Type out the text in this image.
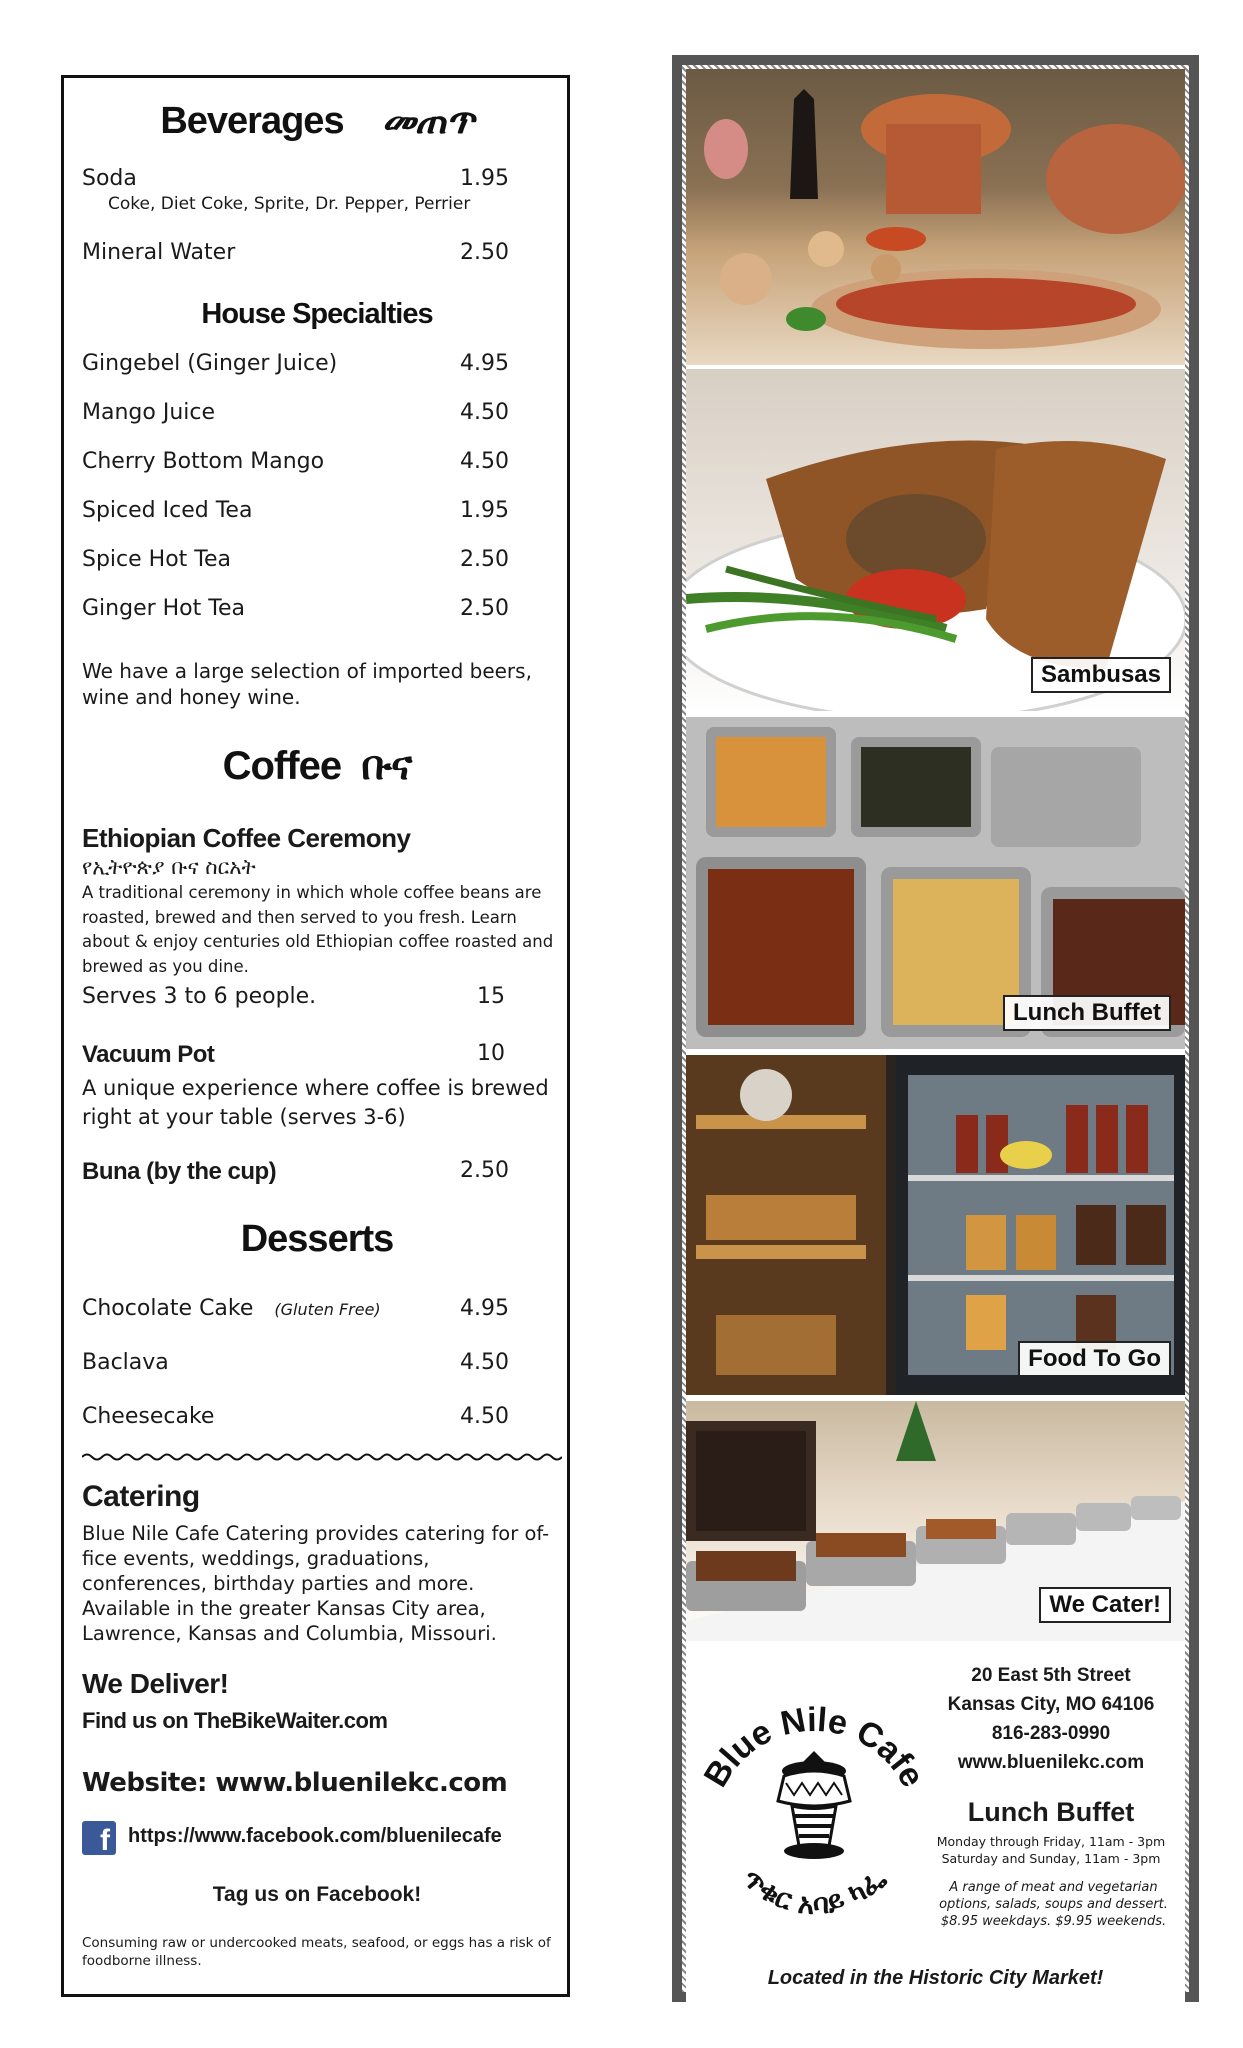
Beverages መጠጥ
Soda	1.95
Coke, Diet Coke, Sprite, Dr. Pepper, Perrier
Mineral Water	2.50
House Specialties
Gingebel (Ginger Juice)	4.95
Mango Juice	4.50
Cherry Bottom Mango	4.50
Spiced Iced Tea	1.95
Spice Hot Tea	2.50
Ginger Hot Tea	2.50
We have a large selection of imported beers, wine and honey wine.
Coffee ቡና
Ethiopian Coffee Ceremony
የኢትዮጵያ ቡና ስርአት
A traditional ceremony in which whole coffee beans are roasted, brewed and then served to you fresh. Learn about & enjoy centuries old Ethiopian coffee roasted and brewed as you dine.
Serves 3 to 6 people.	15
Vacuum Pot	10
A unique experience where coffee is brewed right at your table (serves 3-6)
Buna (by the cup)	2.50
Desserts
Chocolate Cake (Gluten Free)	4.95
Baclava	4.50
Cheesecake	4.50
Catering
Blue Nile Cafe Catering provides catering for of-fice events, weddings, graduations, conferences, birthday parties and more. Available in the greater Kansas City area, Lawrence, Kansas and Columbia, Missouri.
We Deliver!
Find us on TheBikeWaiter.com
Website: www.bluenilekc.com
f https://www.facebook.com/bluenilecafe
Tag us on Facebook!
Consuming raw or undercooked meats, seafood, or eggs has a risk of foodborne illness.
Sambusas
Lunch Buffet
Food To Go
We Cater!
Blue Nile Cafe
ጥቁር አባይ ካፌ
20 East 5th Street
Kansas City, MO 64106
816-283-0990
www.bluenilekc.com
Lunch Buffet
Monday through Friday, 11am - 3pm
Saturday and Sunday, 11am - 3pm
A range of meat and vegetarian options, salads, soups and dessert. $8.95 weekdays. $9.95 weekends.
Located in the Historic City Market!
